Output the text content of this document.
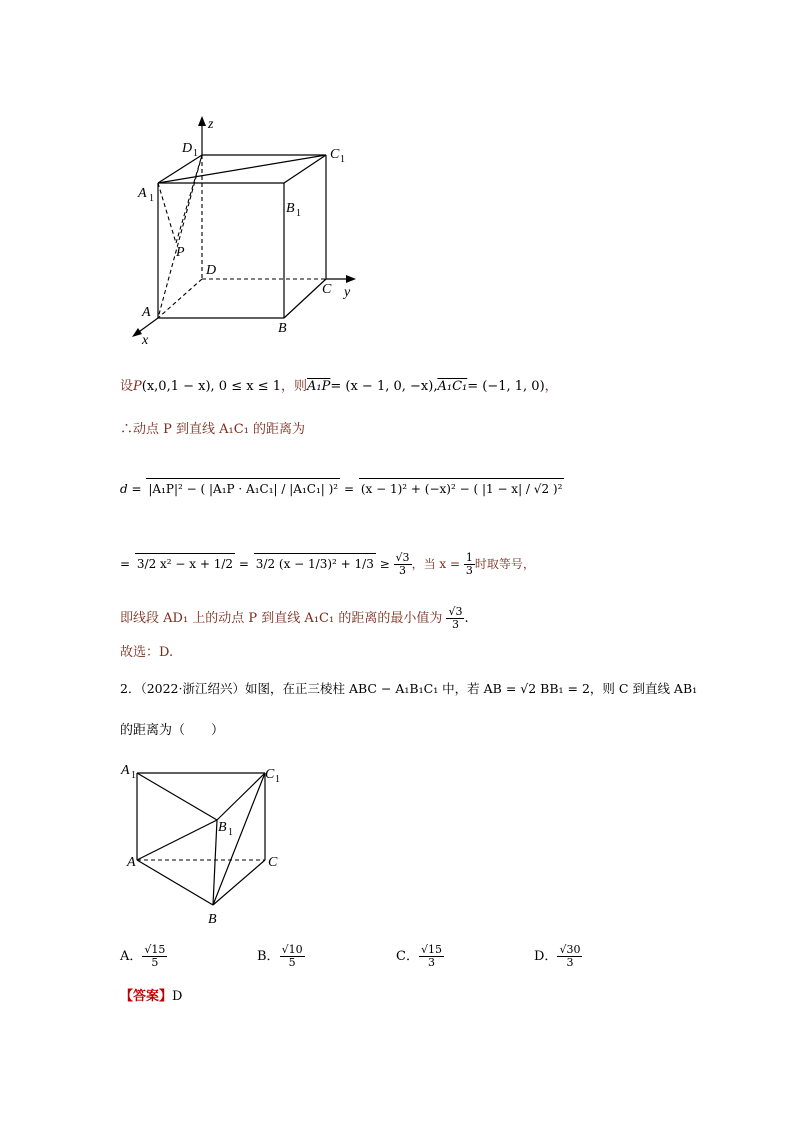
z
y
x
D	C
A
B
P
D
C
A
B
1
1
1
1
设P(x,0,1 − x), 0 ≤ x ≤ 1，则A₁P= (x − 1, 0, −x),A₁C₁= (−1, 1, 0)，
∴动点 P 到直线 A₁C₁ 的距离为
d = |A₁P|² − ( |A₁P · A₁C₁| / |A₁C₁| )² = (x − 1)² + (−x)² − ( |1 − x| / √2 )²
= 3/2 x² − x + 1/2 = 3/2 $(x - 1/3)^2 + 1/3 \ge \frac{√3}{3}$ ，当 $x = \frac{1}{3}$ 时取等号，
即线段 AD₁ 上的动点 P 到直线 A₁C₁ 的距离的最小值为 $\frac{√3}{3}$ .
故选：D.
2．（2022·浙江绍兴）如图，在正三棱柱 ABC − A₁B₁C₁ 中，若 AB = √2 BB₁ = 2，则 C 到直线 AB₁
的距离为（　　）
A	C
B
A	C
B
1	1
1
A． $\frac{√15}{5}$	B． $\frac{√10}{5}$	C． $\frac{√15}{3}$	D． $\frac{√30}{3}$
【答案】D
